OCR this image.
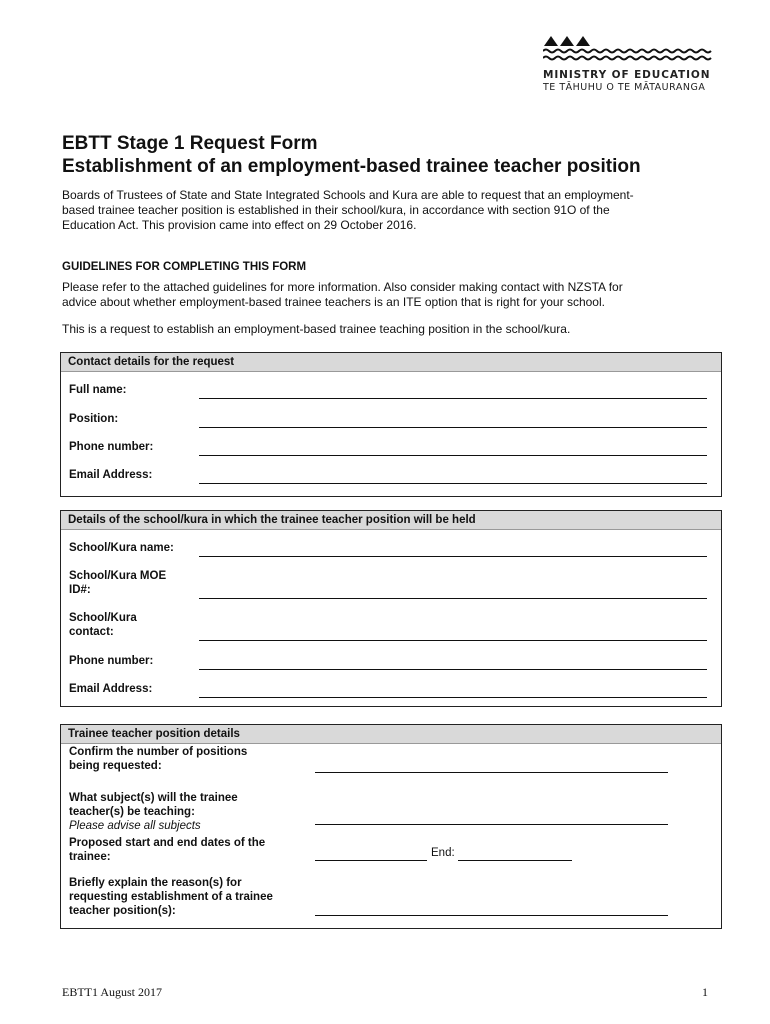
MINISTRY OF EDUCATION
TE TĀHUHU O TE MĀTAURANGA
EBTT Stage 1 Request Form
Establishment of an employment-based trainee teacher position
Boards of Trustees of State and State Integrated Schools and Kura are able to request that an employment-
based trainee teacher position is established in their school/kura, in accordance with section 91O of the
Education Act. This provision came into effect on 29 October 2016.
GUIDELINES FOR COMPLETING THIS FORM
Please refer to the attached guidelines for more information. Also consider making contact with NZSTA for
advice about whether employment-based trainee teachers is an ITE option that is right for your school.
This is a request to establish an employment-based trainee teaching position in the school/kura.
Contact details for the request
Full name:
Position:
Phone number:
Email Address:
Details of the school/kura in which the trainee teacher position will be held
School/Kura name:
School/Kura MOE
ID#:
School/Kura
contact:
Phone number:
Email Address:
Trainee teacher position details
Confirm the number of positions
being requested:
What subject(s) will the trainee
teacher(s) be teaching:
Please advise all subjects
Proposed start and end dates of the
trainee:	End:
Briefly explain the reason(s) for
requesting establishment of a trainee
teacher position(s):
EBTT1 August 2017	1
